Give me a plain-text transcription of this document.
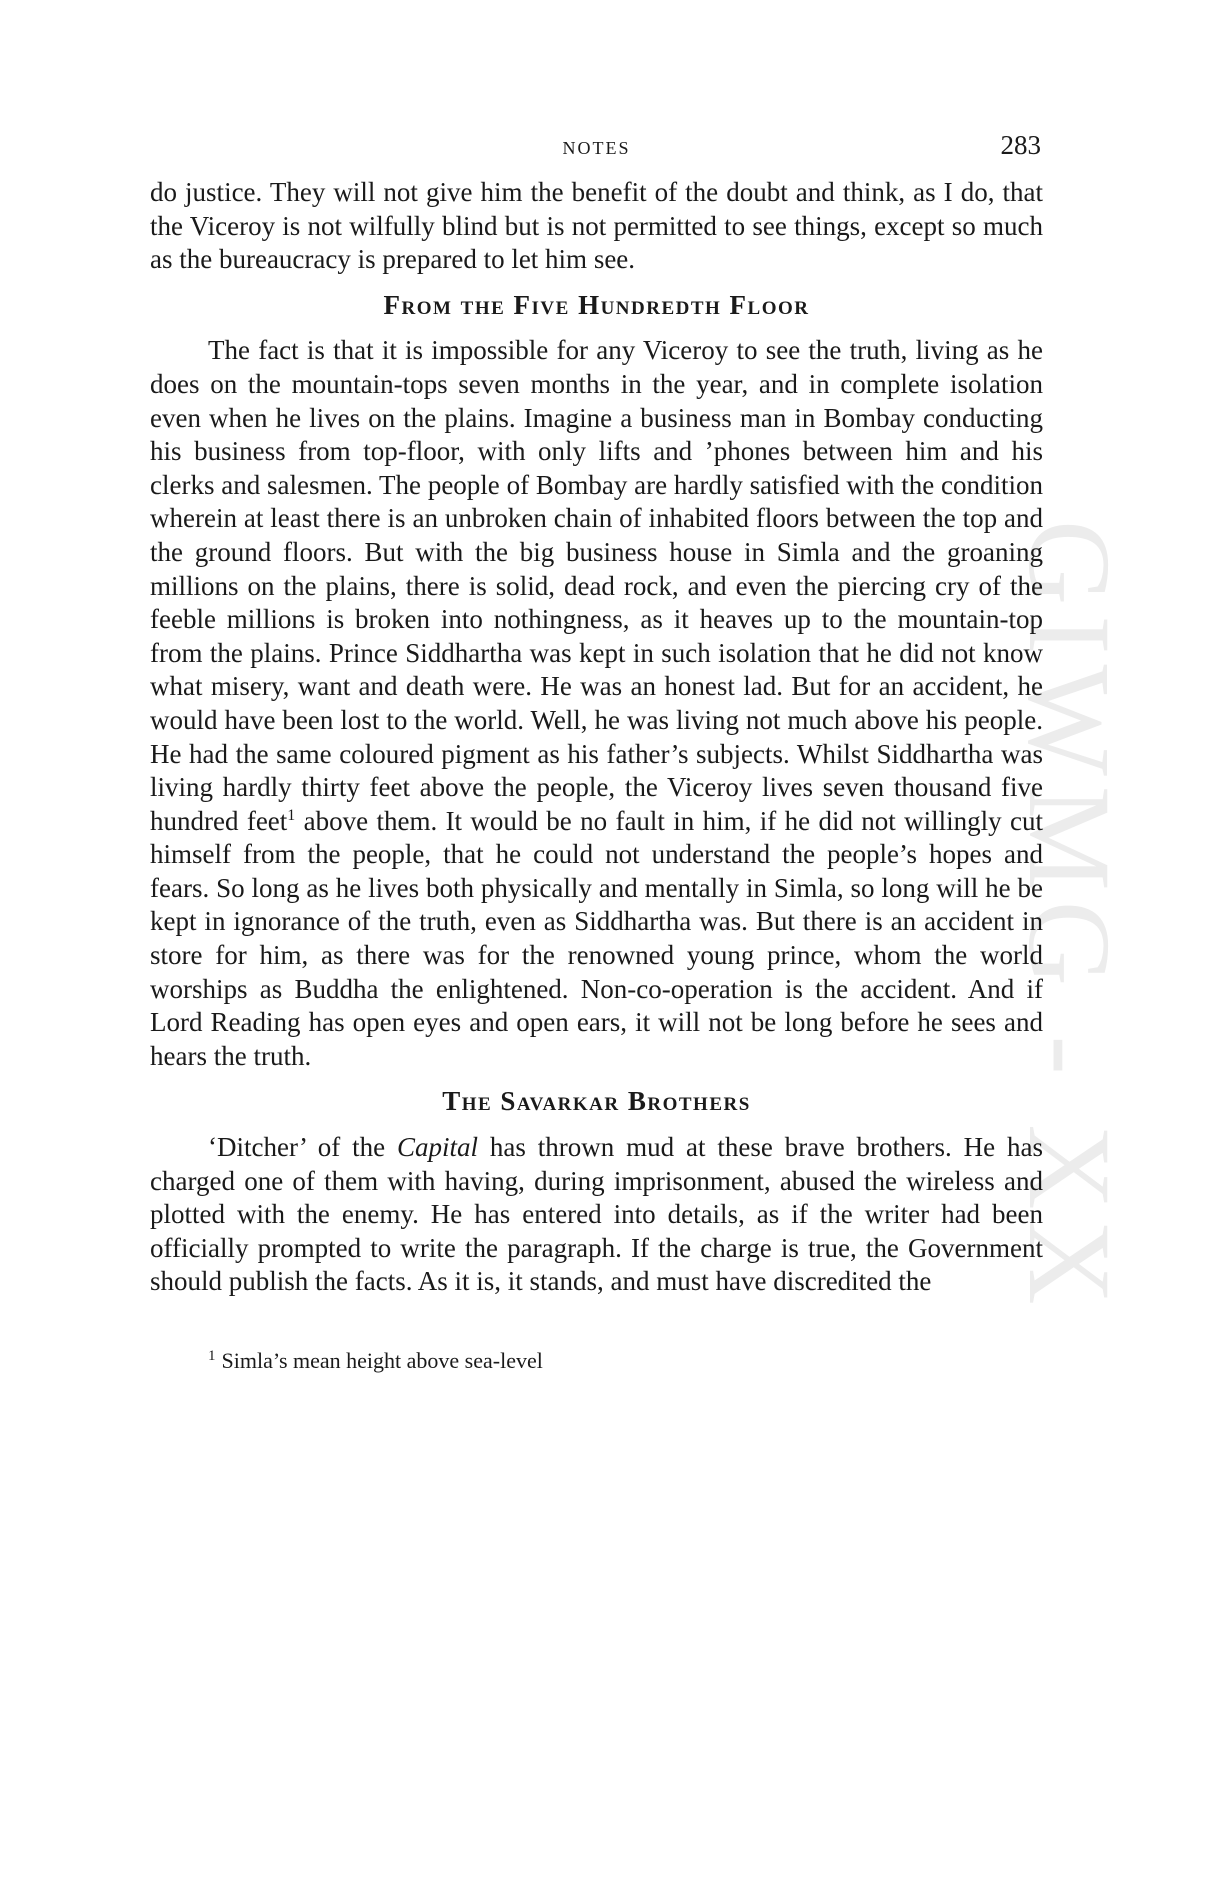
GIWMG - XX
NOTES	283

do justice. They will not give him the benefit of the doubt and think, as I do, that the Viceroy is not wilfully blind but is not permitted to see things, except so much as the bureaucracy is prepared to let him see.

From the Five Hundredth Floor

The fact is that it is impossible for any Viceroy to see the truth, living as he does on the mountain-tops seven months in the year, and in complete isolation even when he lives on the plains. Imagine a business man in Bombay conducting his business from top-floor, with only lifts and ’phones between him and his clerks and salesmen. The people of Bombay are hardly satisfied with the condition wherein at least there is an unbroken chain of inhabited floors between the top and the ground floors. But with the big business house in Simla and the groaning millions on the plains, there is solid, dead rock, and even the piercing cry of the feeble millions is broken into nothingness, as it heaves up to the mountain-top from the plains. Prince Siddhartha was kept in such isolation that he did not know what misery, want and death were. He was an honest lad. But for an accident, he would have been lost to the world. Well, he was living not much above his people. He had the same coloured pigment as his father’s subjects. Whilst Siddhartha was living hardly thirty feet above the people, the Viceroy lives seven thousand five hundred feet$^1$ above them. It would be no fault in him, if he did not willingly cut himself from the people, that he could not understand the people’s hopes and fears. So long as he lives both physically and mentally in Simla, so long will he be kept in ignorance of the truth, even as Siddhartha was. But there is an accident in store for him, as there was for the renowned young prince, whom the world worships as Buddha the enlightened. Non-co-operation is the accident. And if Lord Reading has open eyes and open ears, it will not be long before he sees and hears the truth.

The Savarkar Brothers

‘Ditcher’ of the Capital has thrown mud at these brave brothers. He has charged one of them with having, during imprisonment, abused the wireless and plotted with the enemy. He has entered into details, as if the writer had been officially prompted to write the paragraph. If the charge is true, the Government should publish the facts. As it is, it stands, and must have discredited the

$^1$ Simla’s mean height above sea-level
